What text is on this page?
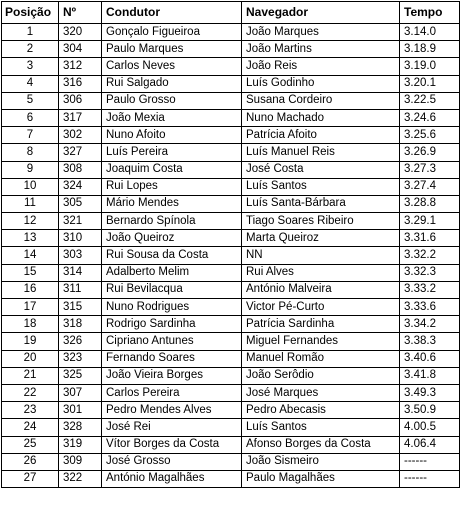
Posição	Nº	Condutor	Navegador	Tempo
1	320	Gonçalo Figueiroa	João Marques	3.14.0
2	304	Paulo Marques	João Martins	3.18.9
3	312	Carlos Neves	João Reis	3.19.0
4	316	Rui Salgado	Luís Godinho	3.20.1
5	306	Paulo Grosso	Susana Cordeiro	3.22.5
6	317	João Mexia	Nuno Machado	3.24.6
7	302	Nuno Afoito	Patrícia Afoito	3.25.6
8	327	Luís Pereira	Luís Manuel Reis	3.26.9
9	308	Joaquim Costa	José Costa	3.27.3
10	324	Rui Lopes	Luís Santos	3.27.4
11	305	Mário Mendes	Luís Santa-Bárbara	3.28.8
12	321	Bernardo Spínola	Tiago Soares Ribeiro	3.29.1
13	310	João Queiroz	Marta Queiroz	3.31.6
14	303	Rui Sousa da Costa	NN	3.32.2
15	314	Adalberto Melim	Rui Alves	3.32.3
16	311	Rui Bevilacqua	António Malveira	3.33.2
17	315	Nuno Rodrigues	Victor Pé-Curto	3.33.6
18	318	Rodrigo Sardinha	Patrícia Sardinha	3.34.2
19	326	Cipriano Antunes	Miguel Fernandes	3.38.3
20	323	Fernando Soares	Manuel Romão	3.40.6
21	325	João Vieira Borges	João Serôdio	3.41.8
22	307	Carlos Pereira	José Marques	3.49.3
23	301	Pedro Mendes Alves	Pedro Abecasis	3.50.9
24	328	José Rei	Luís Santos	4.00.5
25	319	Vítor Borges da Costa	Afonso Borges da Costa	4.06.4
26	309	José Grosso	João Sismeiro	------
27	322	António Magalhães	Paulo Magalhães	------
